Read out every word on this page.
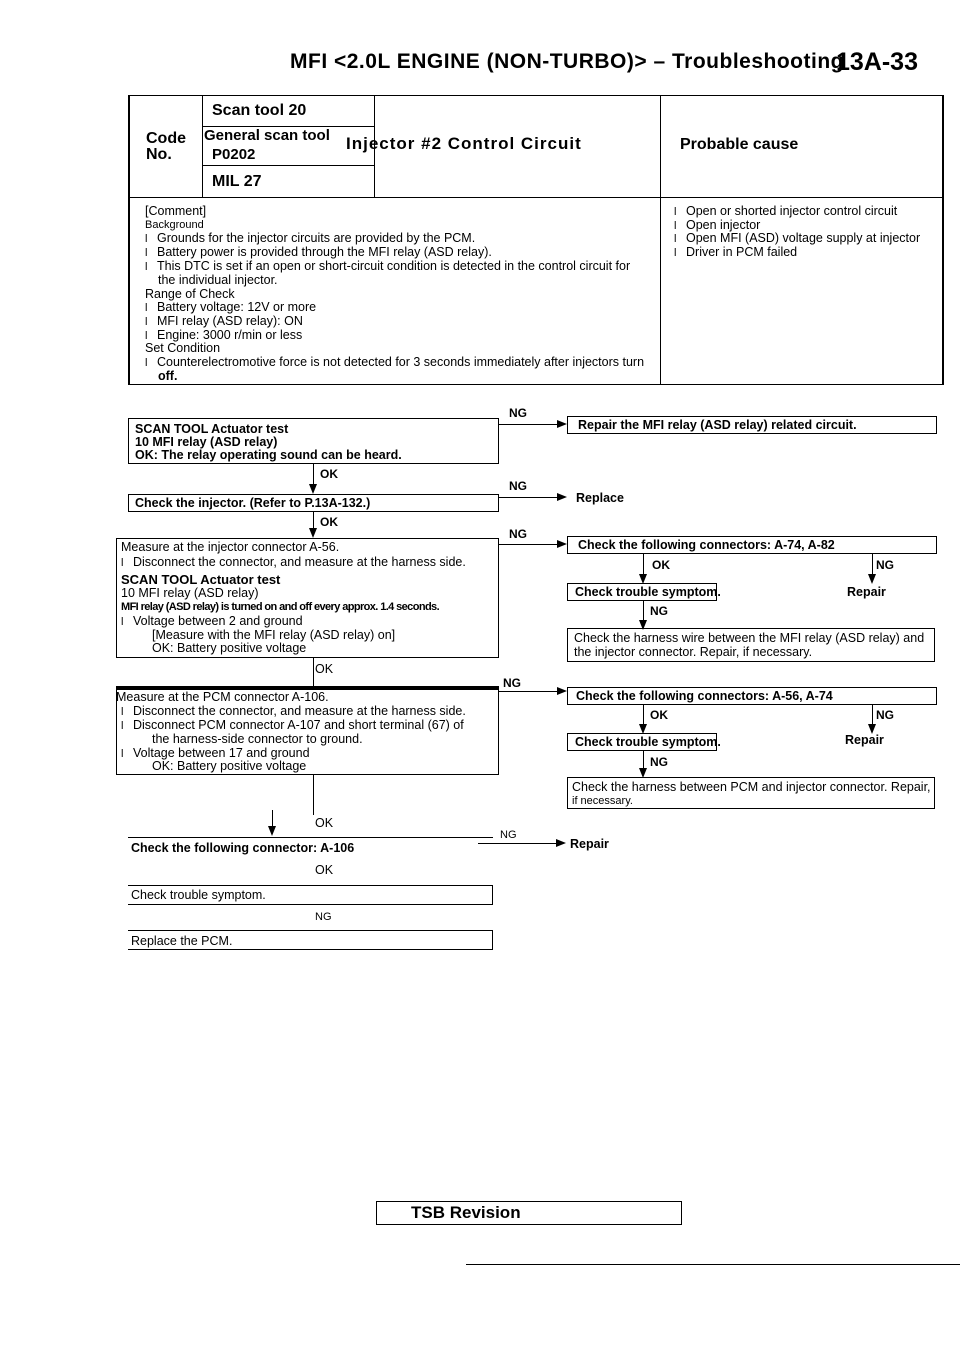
MFI <2.0L ENGINE (NON-TURBO)> – Troubleshooting
13A-33
Code
No.
Scan tool 20
General scan tool
P0202
MIL 27
Injector #2 Control Circuit	Probable cause
[Comment]
Background
l Grounds for the injector circuits are provided by the PCM.
l Battery power is provided through the MFI relay (ASD relay).
l This DTC is set if an open or short-circuit condition is detected in the control circuit for
the individual injector.
Range of Check
l Battery voltage: 12V or more
l MFI relay (ASD relay): ON
l Engine: 3000 r/min or less
Set Condition
l Counterelectromotive force is not detected for 3 seconds immediately after injectors turn
off.
l Open or shorted injector control circuit
l Open injector
l Open MFI (ASD) voltage supply at injector
l Driver in PCM failed
SCAN TOOL Actuator test
10 MFI relay (ASD relay)
OK: The relay operating sound can be heard.
NG
Repair the MFI relay (ASD relay) related circuit.
OK
Check the injector. (Refer to P.13A-132.)
NG
Replace
OK
Measure at the injector connector A-56.
l Disconnect the connector, and measure at the harness side.
SCAN TOOL Actuator test
10 MFI relay (ASD relay)
MFI relay (ASD relay) is turned on and off every approx. 1.4 seconds.
l Voltage between 2 and ground
[Measure with the MFI relay (ASD relay) on]
OK: Battery positive voltage
NG
Check the following connectors: A-74, A-82
OK	NG
Check trouble symptom.	Repair
NG
Check the harness wire between the MFI relay (ASD relay) and
the injector connector. Repair, if necessary.
OK
Measure at the PCM connector A-106.
l Disconnect the connector, and measure at the harness side.
l Disconnect PCM connector A-107 and short terminal (67) of
the harness-side connector to ground.
l Voltage between 17 and ground
OK: Battery positive voltage
NG
Check the following connectors: A-56, A-74
OK	NG
Check trouble symptom.	Repair
NG
Check the harness between PCM and injector connector. Repair,
if necessary.
OK
Check the following connector: A-106
NG
Repair
OK
Check trouble symptom.
NG
Replace the PCM.
TSB Revision
